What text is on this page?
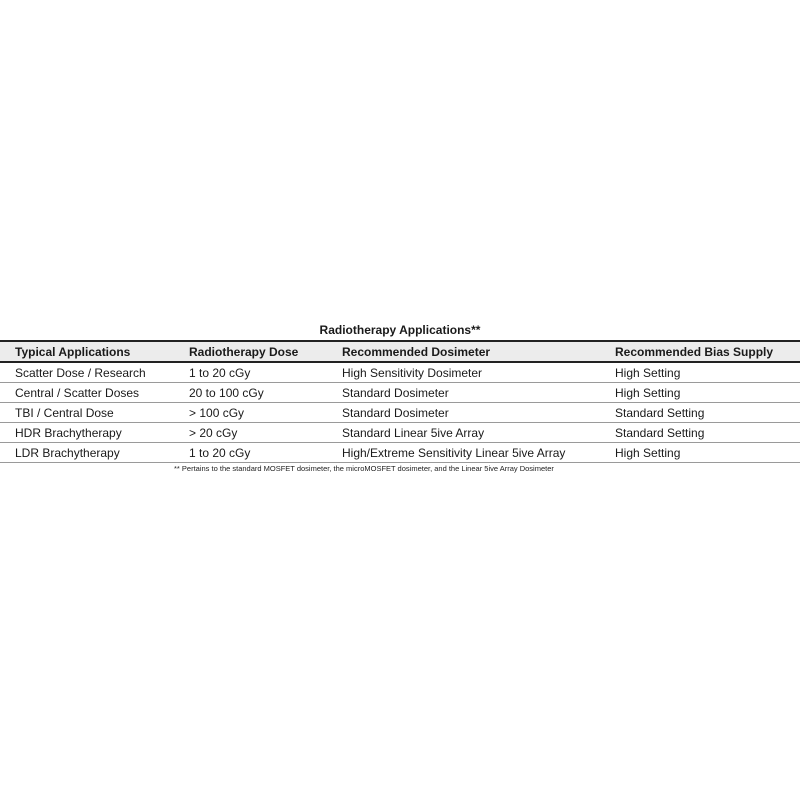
Radiotherapy Applications**
Typical Applications	Radiotherapy Dose	Recommended Dosimeter	Recommended Bias Supply
Scatter Dose / Research	1 to 20 cGy	High Sensitivity Dosimeter	High Setting
Central / Scatter Doses	20 to 100 cGy	Standard Dosimeter	High Setting
TBI / Central Dose	> 100 cGy	Standard Dosimeter	Standard Setting
HDR Brachytherapy	> 20 cGy	Standard Linear 5ive Array	Standard Setting
LDR Brachytherapy	1 to 20 cGy	High/Extreme Sensitivity Linear 5ive Array	High Setting
** Pertains to the standard MOSFET dosimeter, the microMOSFET dosimeter, and the Linear 5ive Array Dosimeter
